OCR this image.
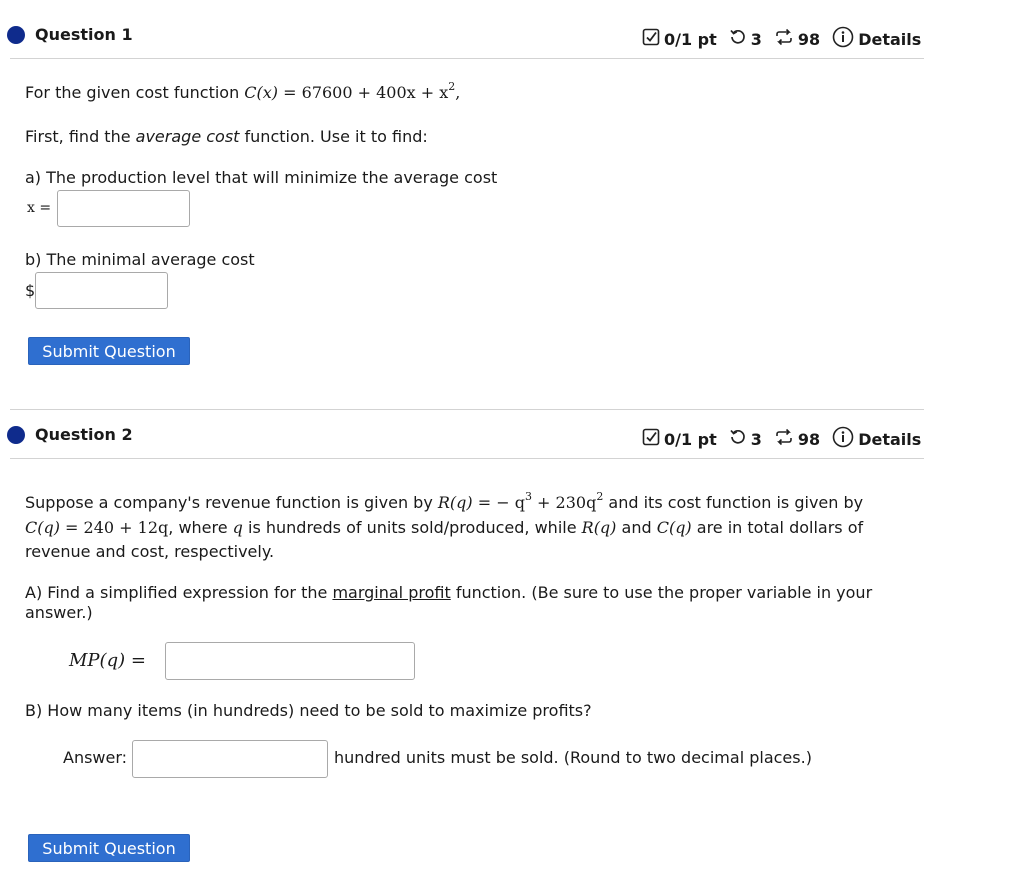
Question 1	0/1 pt 3 98 Details
For the given cost function $C(x) = 67600 + 400x + x^2$,
First, find the average cost function. Use it to find:
a) The production level that will minimize the average cost
x =
b) The minimal average cost
$
Submit Question
Question 2	0/1 pt 3 98 Details
Suppose a company's revenue function is given by R(q) = − $q^3 + 230q^2$ and its cost function is given by
C(q) = 240 + 12q, where q is hundreds of units sold/produced, while R(q) and C(q) are in total dollars of
revenue and cost, respectively.
A) Find a simplified expression for the marginal profit function. (Be sure to use the proper variable in your
answer.)
MP(q) =
B) How many items (in hundreds) need to be sold to maximize profits?
Answer:	hundred units must be sold. (Round to two decimal places.)
Submit Question
